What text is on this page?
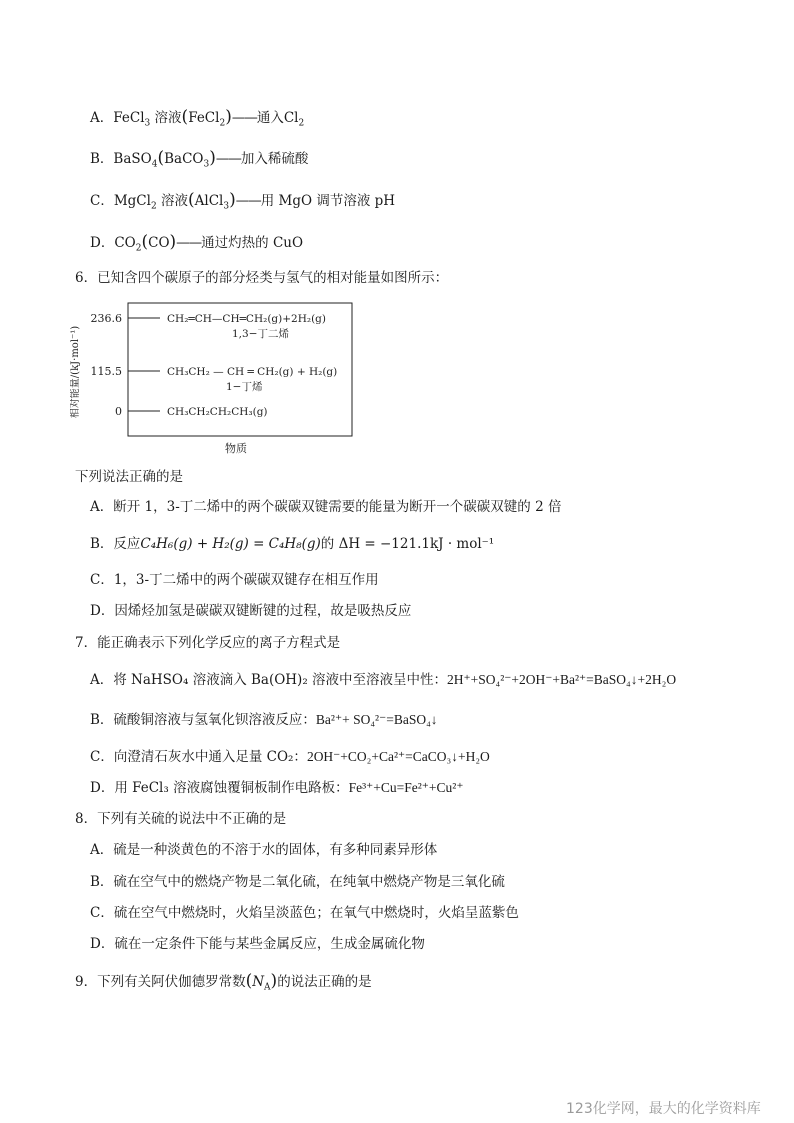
A．FeCl$_3$ 溶液(FeCl$_2$)——通入$Cl_2$
B．BaSO$_4$(BaCO$_3$)——加入稀硫酸
C．MgCl$_2$ 溶液(AlCl$_3$)——用 MgO 调节溶液 pH
D．$CO_2(CO)——$通过灼热的 CuO
6．已知含四个碳原子的部分烃类与氢气的相对能量如图所示：
相对能量/(kJ·mol⁻¹)
物质
236.6	CH₂═CH—CH═CH₂(g)+2H₂(g)
1,3−丁二烯
115.5	CH₃CH₂ — CH ═ CH₂(g) + H₂(g)
1−丁烯
0	CH₃CH₂CH₂CH₃(g)
下列说法正确的是
A．断开 1，3-丁二烯中的两个碳碳双键需要的能量为断开一个碳碳双键的 2 倍
B．反应C₄H₆(g) + H₂(g) = C₄H₈(g)的 ΔH = −121.1kJ · mol⁻¹
C．1，3-丁二烯中的两个碳碳双键存在相互作用
D．因烯烃加氢是碳碳双键断键的过程，故是吸热反应
7．能正确表示下列化学反应的离子方程式是
A．将 NaHSO₄ 溶液滴入 Ba(OH)₂ 溶液中至溶液呈中性：2H⁺+SO₄²⁻+2OH⁻+Ba²⁺=BaSO₄↓+2H₂O
B．硫酸铜溶液与氢氧化钡溶液反应：Ba²⁺+ SO₄²⁻=BaSO₄↓
C．向澄清石灰水中通入足量 CO₂：2OH⁻+CO₂+Ca²⁺=CaCO₃↓+H₂O
D．用 FeCl₃ 溶液腐蚀覆铜板制作电路板：Fe³⁺+Cu=Fe²⁺+Cu²⁺
8．下列有关硫的说法中不正确的是
A．硫是一种淡黄色的不溶于水的固体，有多种同素异形体
B．硫在空气中的燃烧产物是二氧化硫，在纯氧中燃烧产物是三氧化硫
C．硫在空气中燃烧时，火焰呈淡蓝色；在氧气中燃烧时，火焰呈蓝紫色
D．硫在一定条件下能与某些金属反应，生成金属硫化物
9．下列有关阿伏伽德罗常数$(N_A)$的说法正确的是
123化学网，最大的化学资料库
